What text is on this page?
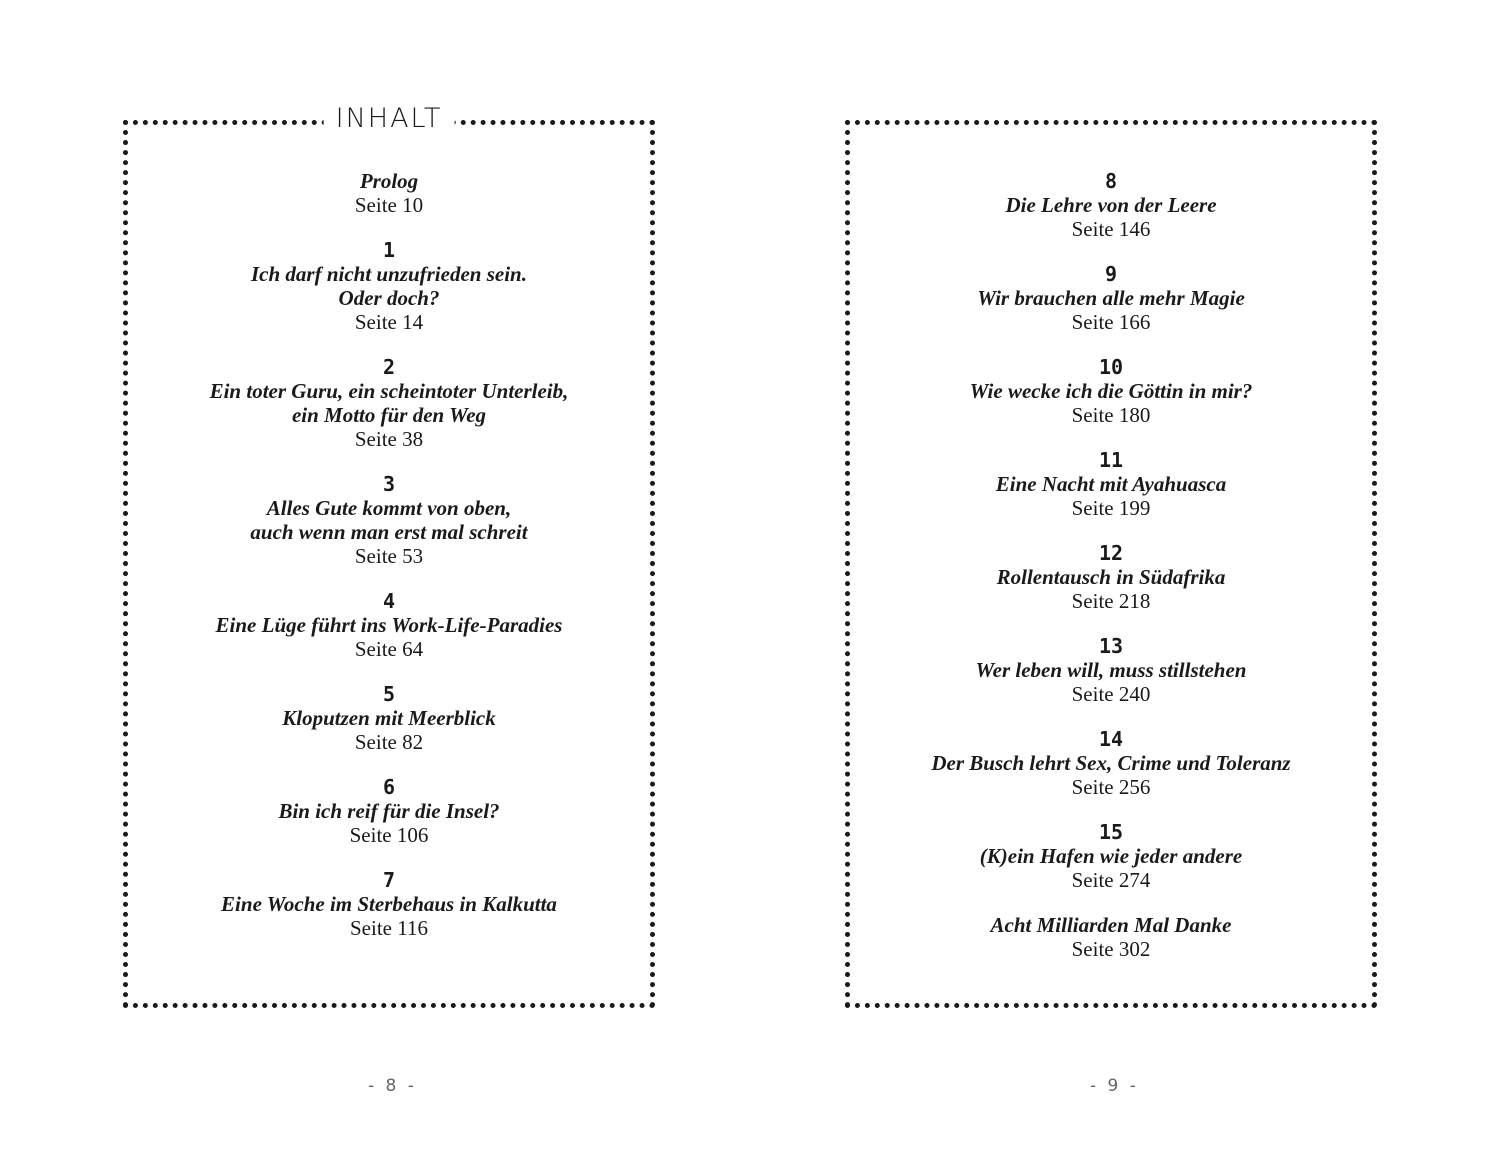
INHALT
Prolog
Seite 10
1
Ich darf nicht unzufrieden sein.
Oder doch?
Seite 14
2
Ein toter Guru, ein scheintoter Unterleib,
ein Motto für den Weg
Seite 38
3
Alles Gute kommt von oben,
auch wenn man erst mal schreit
Seite 53
4
Eine Lüge führt ins Work-Life-Paradies
Seite 64
5
Kloputzen mit Meerblick
Seite 82
6
Bin ich reif für die Insel?
Seite 106
7
Eine Woche im Sterbehaus in Kalkutta
Seite 116
8
Die Lehre von der Leere
Seite 146
9
Wir brauchen alle mehr Magie
Seite 166
10
Wie wecke ich die Göttin in mir?
Seite 180
11
Eine Nacht mit Ayahuasca
Seite 199
12
Rollentausch in Südafrika
Seite 218
13
Wer leben will, muss stillstehen
Seite 240
14
Der Busch lehrt Sex, Crime und Toleranz
Seite 256
15
(K)ein Hafen wie jeder andere
Seite 274
Acht Milliarden Mal Danke
Seite 302
- 8 -	- 9 -
